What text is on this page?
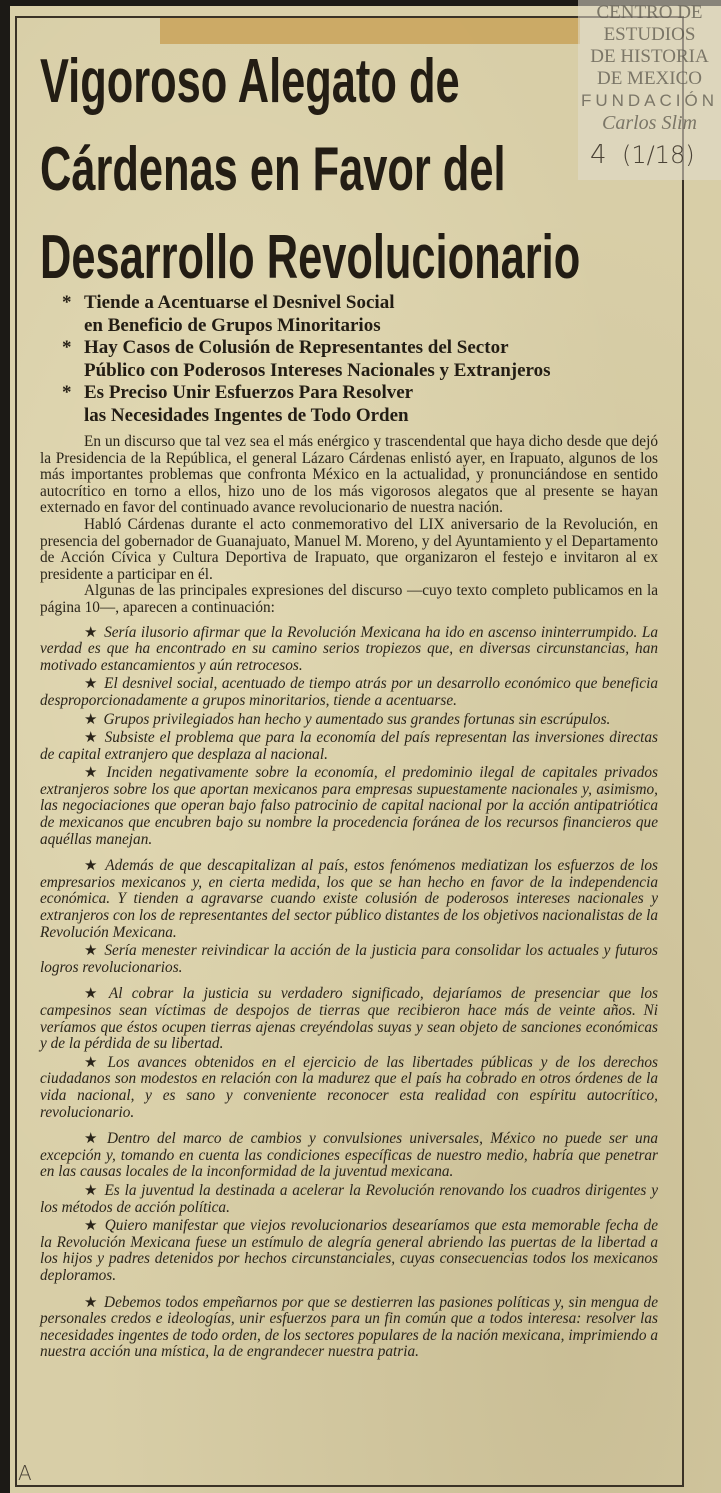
Vigoroso Alegato de
Cárdenas en Favor del
Desarrollo Revolucionario
* Tiende a Acentuarse el Desnivel Social
en Beneficio de Grupos Minoritarios
* Hay Casos de Colusión de Representantes del Sector
Público con Poderosos Intereses Nacionales y Extranjeros
* Es Preciso Unir Esfuerzos Para Resolver
las Necesidades Ingentes de Todo Orden

En un discurso que tal vez sea el más enérgico y trascendental que haya dicho desde que dejó la Presidencia de la República, el general Lázaro Cárdenas enlistó ayer, en Irapuato, algunos de los más importantes problemas que confronta México en la actualidad, y pronunciándose en sentido autocrítico en torno a ellos, hizo uno de los más vigorosos alegatos que al presente se hayan externado en favor del continuado avance revolucionario de nuestra nación.

Habló Cárdenas durante el acto conmemorativo del LIX aniversario de la Revolución, en presencia del gobernador de Guanajuato, Manuel M. Moreno, y del Ayuntamiento y el Departamento de Acción Cívica y Cultura Deportiva de Irapuato, que organizaron el festejo e invitaron al ex presidente a participar en él.

Algunas de las principales expresiones del discurso —cuyo texto completo publicamos en la página 10—, aparecen a continuación:

★ Sería ilusorio afirmar que la Revolución Mexicana ha ido en ascenso ininterrumpido. La verdad es que ha encontrado en su camino serios tropiezos que, en diversas circunstancias, han motivado estancamientos y aún retrocesos.

★ El desnivel social, acentuado de tiempo atrás por un desarrollo económico que beneficia desproporcionadamente a grupos minoritarios, tiende a acentuarse.

★ Grupos privilegiados han hecho y aumentado sus grandes fortunas sin escrúpulos.

★ Subsiste el problema que para la economía del país representan las inversiones directas de capital extranjero que desplaza al nacional.

★ Inciden negativamente sobre la economía, el predominio ilegal de capitales privados extranjeros sobre los que aportan mexicanos para empresas supuestamente nacionales y, asimismo, las negociaciones que operan bajo falso patrocinio de capital nacional por la acción antipatriótica de mexicanos que encubren bajo su nombre la procedencia foránea de los recursos financieros que aquéllas manejan.

★ Además de que descapitalizan al país, estos fenómenos mediatizan los esfuerzos de los empresarios mexicanos y, en cierta medida, los que se han hecho en favor de la independencia económica. Y tienden a agravarse cuando existe colusión de poderosos intereses nacionales y extranjeros con los de representantes del sector público distantes de los objetivos nacionalistas de la Revolución Mexicana.

★ Sería menester reivindicar la acción de la justicia para consolidar los actuales y futuros logros revolucionarios.

★ Al cobrar la justicia su verdadero significado, dejaríamos de presenciar que los campesinos sean víctimas de despojos de tierras que recibieron hace más de veinte años. Ni veríamos que éstos ocupen tierras ajenas creyéndolas suyas y sean objeto de sanciones económicas y de la pérdida de su libertad.

★ Los avances obtenidos en el ejercicio de las libertades públicas y de los derechos ciudadanos son modestos en relación con la madurez que el país ha cobrado en otros órdenes de la vida nacional, y es sano y conveniente reconocer esta realidad con espíritu autocrítico, revolucionario.

★ Dentro del marco de cambios y convulsiones universales, México no puede ser una excepción y, tomando en cuenta las condiciones específicas de nuestro medio, habría que penetrar en las causas locales de la inconformidad de la juventud mexicana.

★ Es la juventud la destinada a acelerar la Revolución renovando los cuadros dirigentes y los métodos de acción política.

★ Quiero manifestar que viejos revolucionarios desearíamos que esta memorable fecha de la Revolución Mexicana fuese un estímulo de alegría general abriendo las puertas de la libertad a los hijos y padres detenidos por hechos circunstanciales, cuyas consecuencias todos los mexicanos deploramos.

★ Debemos todos empeñarnos por que se destierren las pasiones políticas y, sin mengua de personales credos e ideologías, unir esfuerzos para un fin común que a todos interesa: resolver las necesidades ingentes de todo orden, de los sectores populares de la nación mexicana, imprimiendo a nuestra acción una mística, la de engrandecer nuestra patria.

CENTRO DE
ESTUDIOS
DE HISTORIA
DE MEXICO
FUNDACIÓN
Carlos Slim
4 (1/18)
A
